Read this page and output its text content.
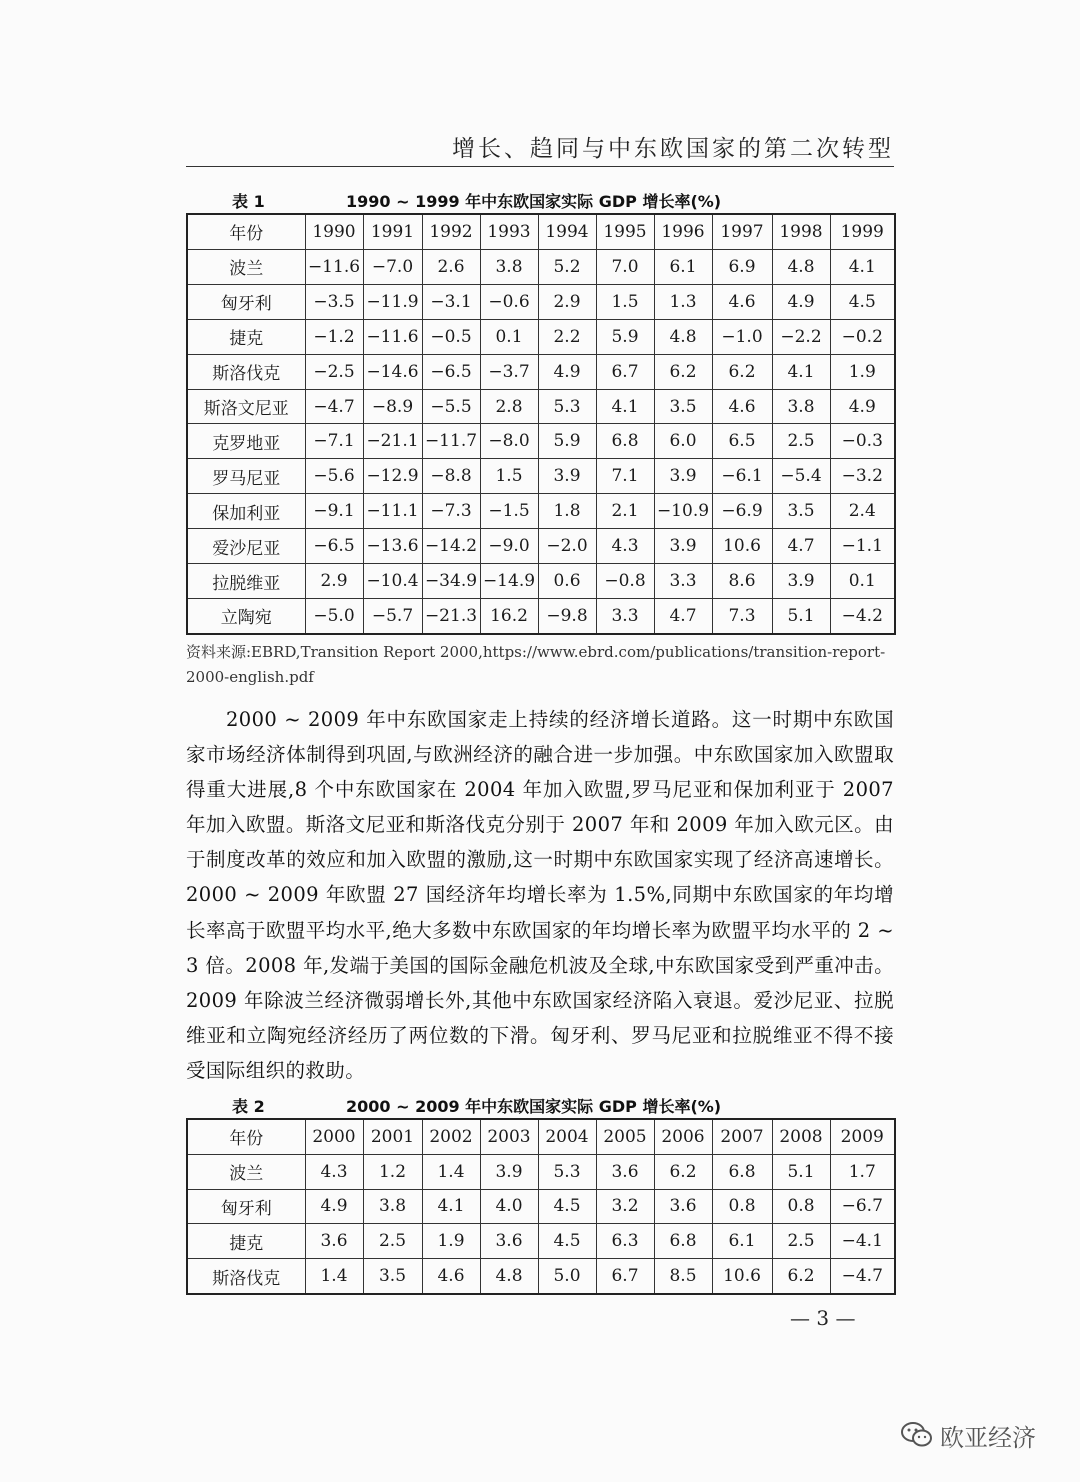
增长、趋同与中东欧国家的第二次转型
表 1	1990 ~ 1999 年中东欧国家实际 GDP 增长率(%)
年份	1990	1991	1992	1993	1994	1995	1996	1997	1998	1999
波兰	−11.6	−7.0	2.6	3.8	5.2	7.0	6.1	6.9	4.8	4.1
匈牙利	−3.5	−11.9	−3.1	−0.6	2.9	1.5	1.3	4.6	4.9	4.5
捷克	−1.2	−11.6	−0.5	0.1	2.2	5.9	4.8	−1.0	−2.2	−0.2
斯洛伐克	−2.5	−14.6	−6.5	−3.7	4.9	6.7	6.2	6.2	4.1	1.9
斯洛文尼亚	−4.7	−8.9	−5.5	2.8	5.3	4.1	3.5	4.6	3.8	4.9
克罗地亚	−7.1	−21.1	−11.7	−8.0	5.9	6.8	6.0	6.5	2.5	−0.3
罗马尼亚	−5.6	−12.9	−8.8	1.5	3.9	7.1	3.9	−6.1	−5.4	−3.2
保加利亚	−9.1	−11.1	−7.3	−1.5	1.8	2.1	−10.9	−6.9	3.5	2.4
爱沙尼亚	−6.5	−13.6	−14.2	−9.0	−2.0	4.3	3.9	10.6	4.7	−1.1
拉脱维亚	2.9	−10.4	−34.9	−14.9	0.6	−0.8	3.3	8.6	3.9	0.1
立陶宛	−5.0	−5.7	−21.3	16.2	−9.8	3.3	4.7	7.3	5.1	−4.2
资料来源:EBRD,Transition Report 2000,https://www.ebrd.com/publications/transition-report-2000-english.pdf

2000 ~ 2009 年中东欧国家走上持续的经济增长道路。这一时期中东欧国家市场经济体制得到巩固,与欧洲经济的融合进一步加强。中东欧国家加入欧盟取得重大进展,8 个中东欧国家在 2004 年加入欧盟,罗马尼亚和保加利亚于 2007 年加入欧盟。斯洛文尼亚和斯洛伐克分别于 2007 年和 2009 年加入欧元区。由于制度改革的效应和加入欧盟的激励,这一时期中东欧国家实现了经济高速增长。2000 ~ 2009 年欧盟 27 国经济年均增长率为 1.5%,同期中东欧国家的年均增长率高于欧盟平均水平,绝大多数中东欧国家的年均增长率为欧盟平均水平的 2 ~ 3 倍。2008 年,发端于美国的国际金融危机波及全球,中东欧国家受到严重冲击。2009 年除波兰经济微弱增长外,其他中东欧国家经济陷入衰退。爱沙尼亚、拉脱维亚和立陶宛经济经历了两位数的下滑。匈牙利、罗马尼亚和拉脱维亚不得不接受国际组织的救助。

表 2	2000 ~ 2009 年中东欧国家实际 GDP 增长率(%)
年份	2000	2001	2002	2003	2004	2005	2006	2007	2008	2009
波兰	4.3	1.2	1.4	3.9	5.3	3.6	6.2	6.8	5.1	1.7
匈牙利	4.9	3.8	4.1	4.0	4.5	3.2	3.6	0.8	0.8	−6.7
捷克	3.6	2.5	1.9	3.6	4.5	6.3	6.8	6.1	2.5	−4.1
斯洛伐克	1.4	3.5	4.6	4.8	5.0	6.7	8.5	10.6	6.2	−4.7
— 3 —
欧亚经济
